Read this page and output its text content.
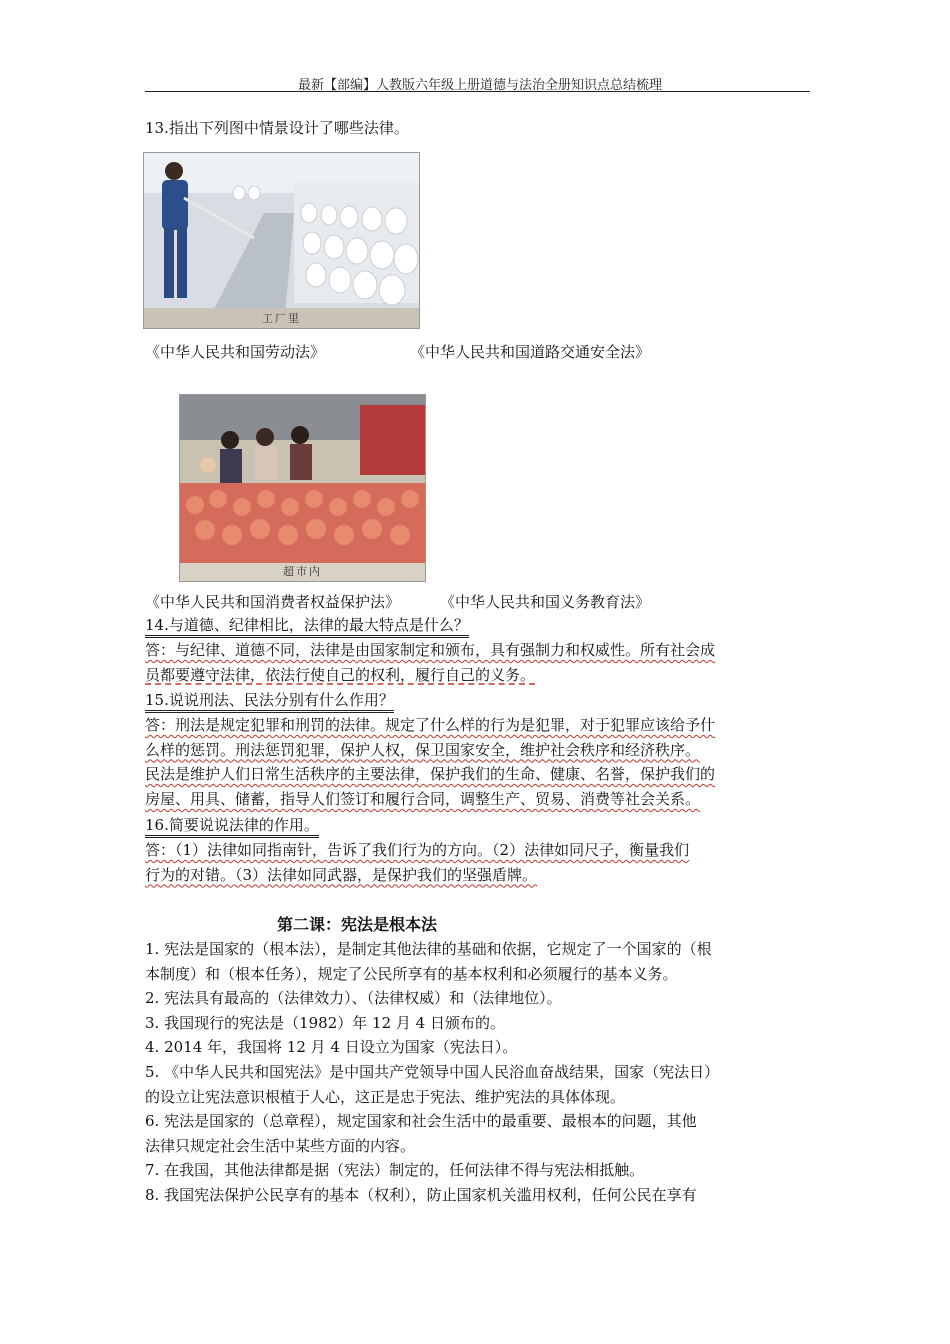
最新【部编】人教版六年级上册道德与法治全册知识点总结梳理
13.指出下列图中情景设计了哪些法律。
工厂里
《中华人民共和国劳动法》	《中华人民共和国道路交通安全法》
超市内
《中华人民共和国消费者权益保护法》	《中华人民共和国义务教育法》
14.与道德、纪律相比，法律的最大特点是什么？
答：与纪律、道德不同，法律是由国家制定和颁布，具有强制力和权威性。所有社会成
员都要遵守法律，依法行使自己的权利，履行自己的义务。
15.说说刑法、民法分别有什么作用？
答：刑法是规定犯罪和刑罚的法律。规定了什么样的行为是犯罪，对于犯罪应该给予什
么样的惩罚。刑法惩罚犯罪，保护人权，保卫国家安全，维护社会秩序和经济秩序。
民法是维护人们日常生活秩序的主要法律，保护我们的生命、健康、名誉，保护我们的
房屋、用具、储蓄，指导人们签订和履行合同，调整生产、贸易、消费等社会关系。
16.简要说说法律的作用。
答：（1）法律如同指南针，告诉了我们行为的方向。（2）法律如同尺子，衡量我们
行为的对错。（3）法律如同武器，是保护我们的坚强盾牌。
第二课：宪法是根本法

1. 宪法是国家的（根本法），是制定其他法律的基础和依据，它规定了一个国家的（根

本制度）和（根本任务），规定了公民所享有的基本权利和必须履行的基本义务。

2. 宪法具有最高的（法律效力）、（法律权威）和（法律地位）。

3. 我国现行的宪法是（1982）年 12 月 4 日颁布的。

4. 2014 年，我国将 12 月 4 日设立为国家（宪法日）。

5. 《中华人民共和国宪法》是中国共产党领导中国人民浴血奋战结果，国家（宪法日）

的设立让宪法意识根植于人心，这正是忠于宪法、维护宪法的具体体现。

6. 宪法是国家的（总章程），规定国家和社会生活中的最重要、最根本的问题，其他

法律只规定社会生活中某些方面的内容。

7. 在我国，其他法律都是据（宪法）制定的，任何法律不得与宪法相抵触。

8. 我国宪法保护公民享有的基本（权利），防止国家机关滥用权利，任何公民在享有
